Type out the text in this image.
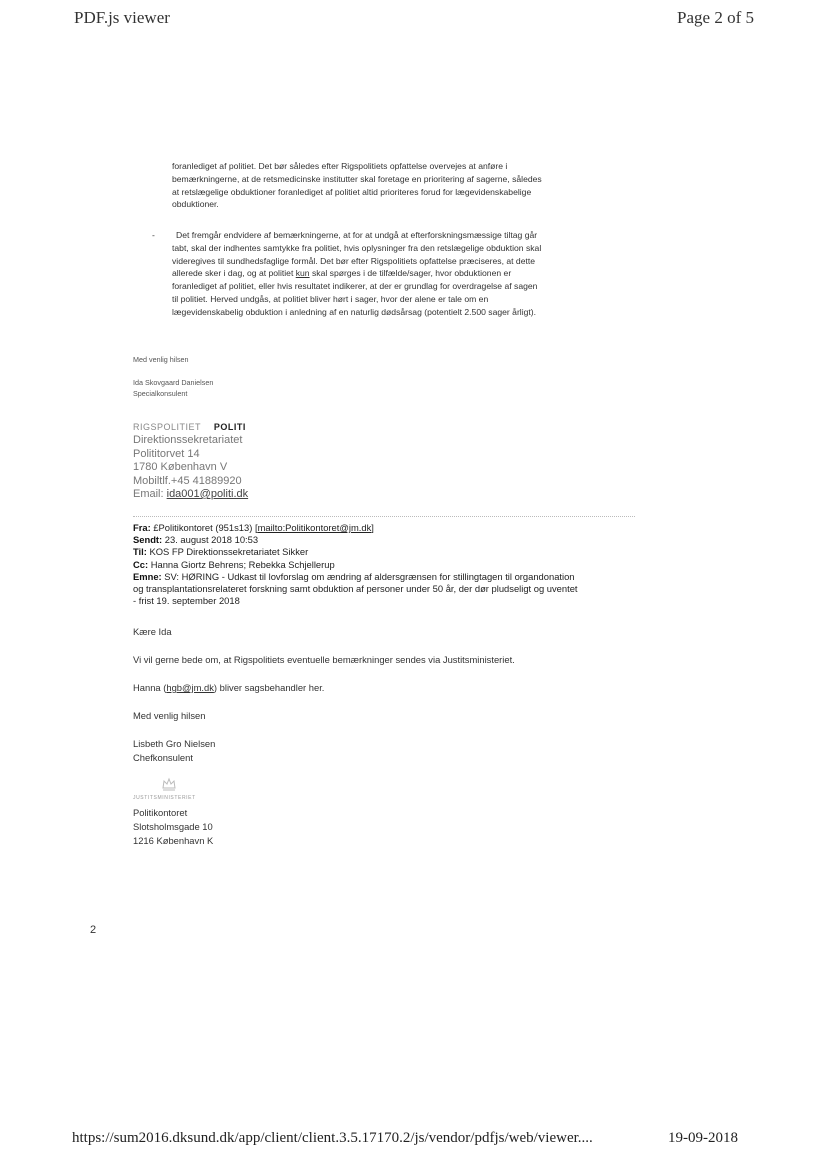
PDF.js viewer	Page 2 of 5
foranlediget af politiet. Det bør således efter Rigspolitiets opfattelse overvejes at anføre i
bemærkningerne, at de retsmedicinske institutter skal foretage en prioritering af sagerne, således
at retslægelige obduktioner foranlediget af politiet altid prioriteres forud for lægevidenskabelige
obduktioner.
-	Det fremgår endvidere af bemærkningerne, at for at undgå at efterforskningsmæssige tiltag går
tabt, skal der indhentes samtykke fra politiet, hvis oplysninger fra den retslægelige obduktion skal
videregives til sundhedsfaglige formål. Det bør efter Rigspolitiets opfattelse præciseres, at dette
allerede sker i dag, og at politiet kun skal spørges i de tilfælde/sager, hvor obduktionen er
foranlediget af politiet, eller hvis resultatet indikerer, at der er grundlag for overdragelse af sagen
til politiet. Herved undgås, at politiet bliver hørt i sager, hvor der alene er tale om en
lægevidenskabelig obduktion i anledning af en naturlig dødsårsag (potentielt 2.500 sager årligt).
Med venlig hilsen
Ida Skovgaard Danielsen
Specialkonsulent
RIGSPOLITIET POLITI
Direktionssekretariatet
Polititorvet 14
1780 København V
Mobiltlf.+45 41889920
Email: ida001@politi.dk
Fra: £Politikontoret (951s13) [mailto:Politikontoret@jm.dk]
Sendt: 23. august 2018 10:53
Til: KOS FP Direktionssekretariatet Sikker
Cc: Hanna Giortz Behrens; Rebekka Schjellerup
Emne: SV: HØRING - Udkast til lovforslag om ændring af aldersgrænsen for stillingtagen til organdonation
og transplantationsrelateret forskning samt obduktion af personer under 50 år, der dør pludseligt og uventet
- frist 19. september 2018
Kære Ida
Vi vil gerne bede om, at Rigspolitiets eventuelle bemærkninger sendes via Justitsministeriet.
Hanna (hgb@jm.dk) bliver sagsbehandler her.
Med venlig hilsen
Lisbeth Gro Nielsen
Chefkonsulent
JUSTITSMINISTERIET
Politikontoret
Slotsholmsgade 10
1216 København K
2
https://sum2016.dksund.dk/app/client/client.3.5.17170.2/js/vendor/pdfjs/web/viewer....	19-09-2018
